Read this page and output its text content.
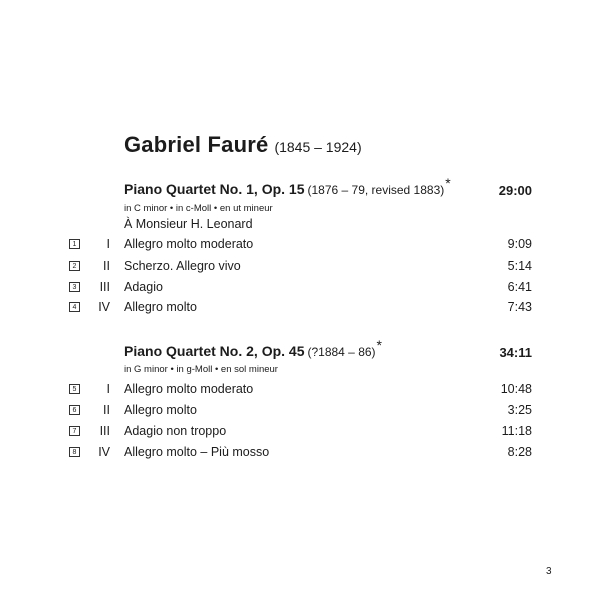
Gabriel Fauré (1845 – 1924)
Piano Quartet No. 1, Op. 15 (1876 – 79, revised 1883)*	29:00
in C minor • in c-Moll • en ut mineur
À Monsieur H. Leonard
1	I Allegro molto moderato	9:09
2	II Scherzo. Allegro vivo	5:14
3	III Adagio	6:41
4	IV Allegro molto	7:43
Piano Quartet No. 2, Op. 45 (?1884 – 86)*	34:11
in G minor • in g-Moll • en sol mineur
5	I Allegro molto moderato	10:48
6	II Allegro molto	3:25
7	III Adagio non troppo	11:18
8	IV Allegro molto – Più mosso	8:28
3
